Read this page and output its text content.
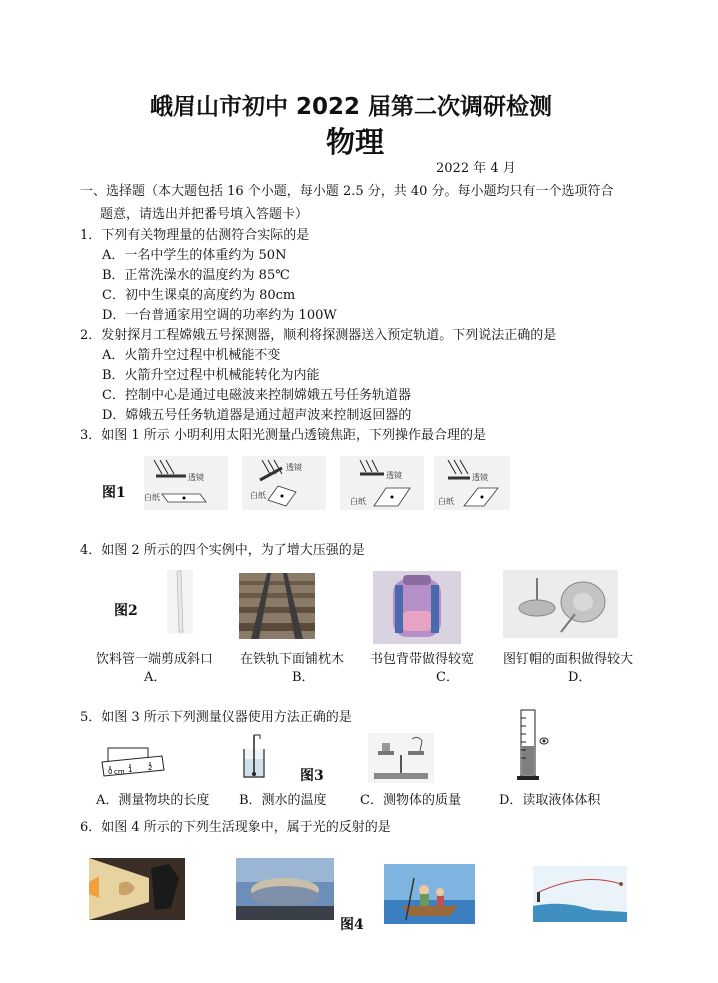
峨眉山市初中 2022 届第二次调研检测
物理
2022 年 4 月
一、选择题（本大题包括 16 个小题，每小题 2.5 分，共 40 分。每小题均只有一个选项符合
题意，请选出并把番号填入答题卡）
1．下列有关物理量的估测符合实际的是
A．一名中学生的体重约为 50N
B．正常洗澡水的温度约为 85℃
C．初中生课桌的高度约为 80cm
D．一台普通家用空调的功率约为 100W
2．发射探月工程嫦娥五号探测器，顺利将探测器送入预定轨道。下列说法正确的是
A．火箭升空过程中机械能不变
B．火箭升空过程中机械能转化为内能
C．控制中心是通过电磁波来控制嫦娥五号任务轨道器
D．嫦娥五号任务轨道器是通过超声波来控制返回器的
3．如图 1 所示 小明利用太阳光测量凸透镜焦距，下列操作最合理的是
图1
透镜
白纸
透镜
白纸
透镜
白纸
透镜
白纸
4．如图 2 所示的四个实例中，为了增大压强的是
图2
饮料管一端剪成斜口 在铁轨下面铺枕木 书包背带做得较宽 图钉帽的面积做得较大
A．	B．	C．	D．
5．如图 3 所示下列测量仪器使用方法正确的是
0 cm 1 2	图3
A．测量物块的长度 B．测水的温度	C．测物体的质量	D．读取液体体积
6．如图 4 所示的下列生活现象中，属于光的反射的是
图4
